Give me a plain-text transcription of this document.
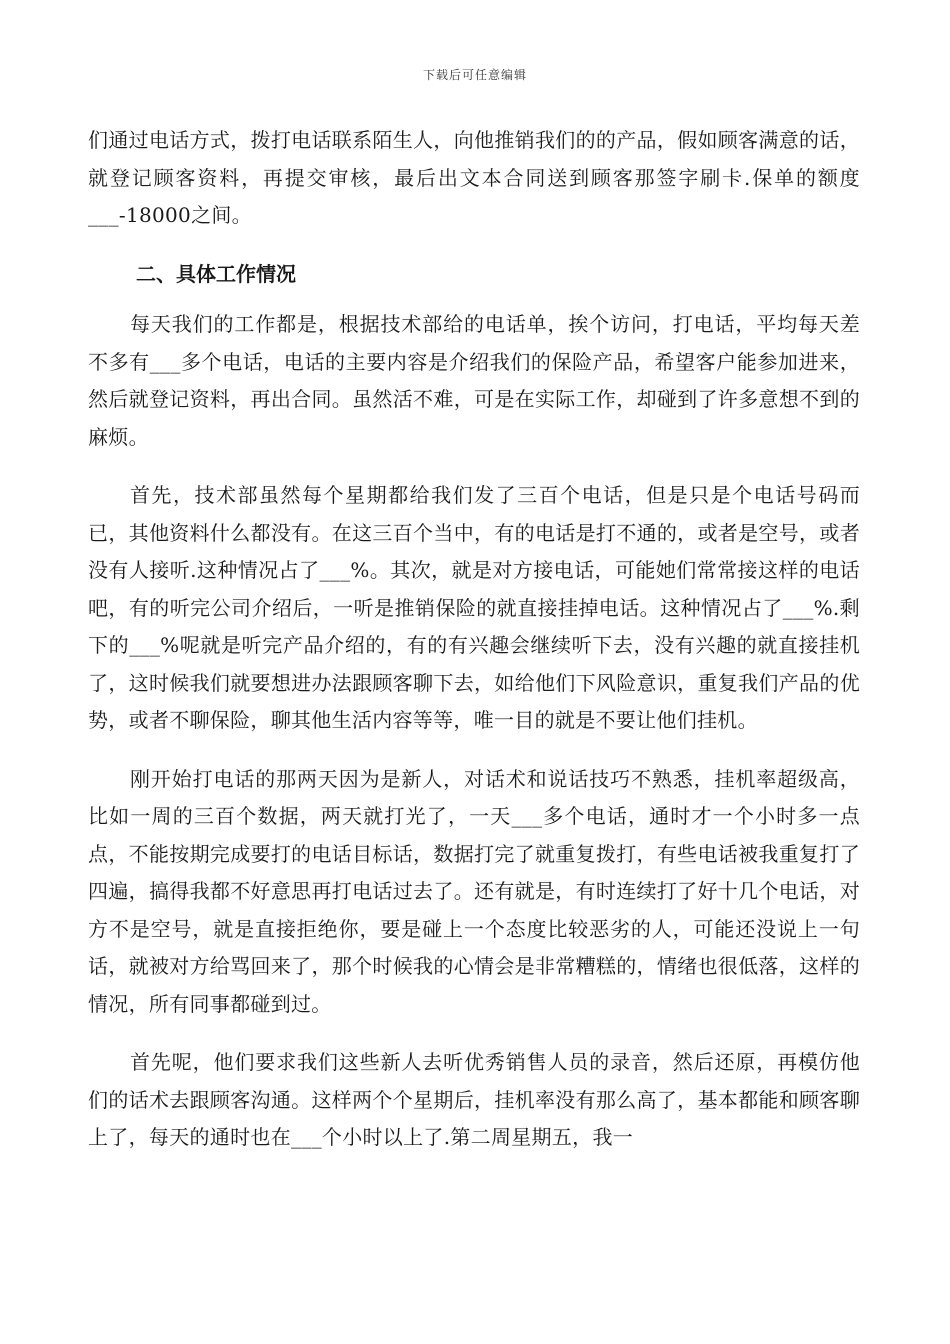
下载后可任意编辑

们通过电话方式，拨打电话联系陌生人，向他推销我们的的产品，假如顾客满意的话，就登记顾客资料，再提交审核，最后出文本合同送到顾客那签字刷卡.保单的额度___-18000之间。

二、具体工作情况

每天我们的工作都是，根据技术部给的电话单，挨个访问，打电话，平均每天差不多有___多个电话，电话的主要内容是介绍我们的保险产品，希望客户能参加进来，然后就登记资料，再出合同。虽然活不难，可是在实际工作，却碰到了许多意想不到的麻烦。

首先，技术部虽然每个星期都给我们发了三百个电话，但是只是个电话号码而已，其他资料什么都没有。在这三百个当中，有的电话是打不通的，或者是空号，或者没有人接听.这种情况占了___%。其次，就是对方接电话，可能她们常常接这样的电话吧，有的听完公司介绍后，一听是推销保险的就直接挂掉电话。这种情况占了___%.剩下的___%呢就是听完产品介绍的，有的有兴趣会继续听下去，没有兴趣的就直接挂机了，这时候我们就要想进办法跟顾客聊下去，如给他们下风险意识，重复我们产品的优势，或者不聊保险，聊其他生活内容等等，唯一目的就是不要让他们挂机。

刚开始打电话的那两天因为是新人，对话术和说话技巧不熟悉，挂机率超级高，比如一周的三百个数据，两天就打光了，一天___多个电话，通时才一个小时多一点点，不能按期完成要打的电话目标话，数据打完了就重复拨打，有些电话被我重复打了四遍，搞得我都不好意思再打电话过去了。还有就是，有时连续打了好十几个电话，对方不是空号，就是直接拒绝你，要是碰上一个态度比较恶劣的人，可能还没说上一句话，就被对方给骂回来了，那个时候我的心情会是非常糟糕的，情绪也很低落，这样的情况，所有同事都碰到过。

首先呢，他们要求我们这些新人去听优秀销售人员的录音，然后还原，再模仿他们的话术去跟顾客沟通。这样两个个星期后，挂机率没有那么高了，基本都能和顾客聊上了，每天的通时也在___个小时以上了.第二周星期五，我一
